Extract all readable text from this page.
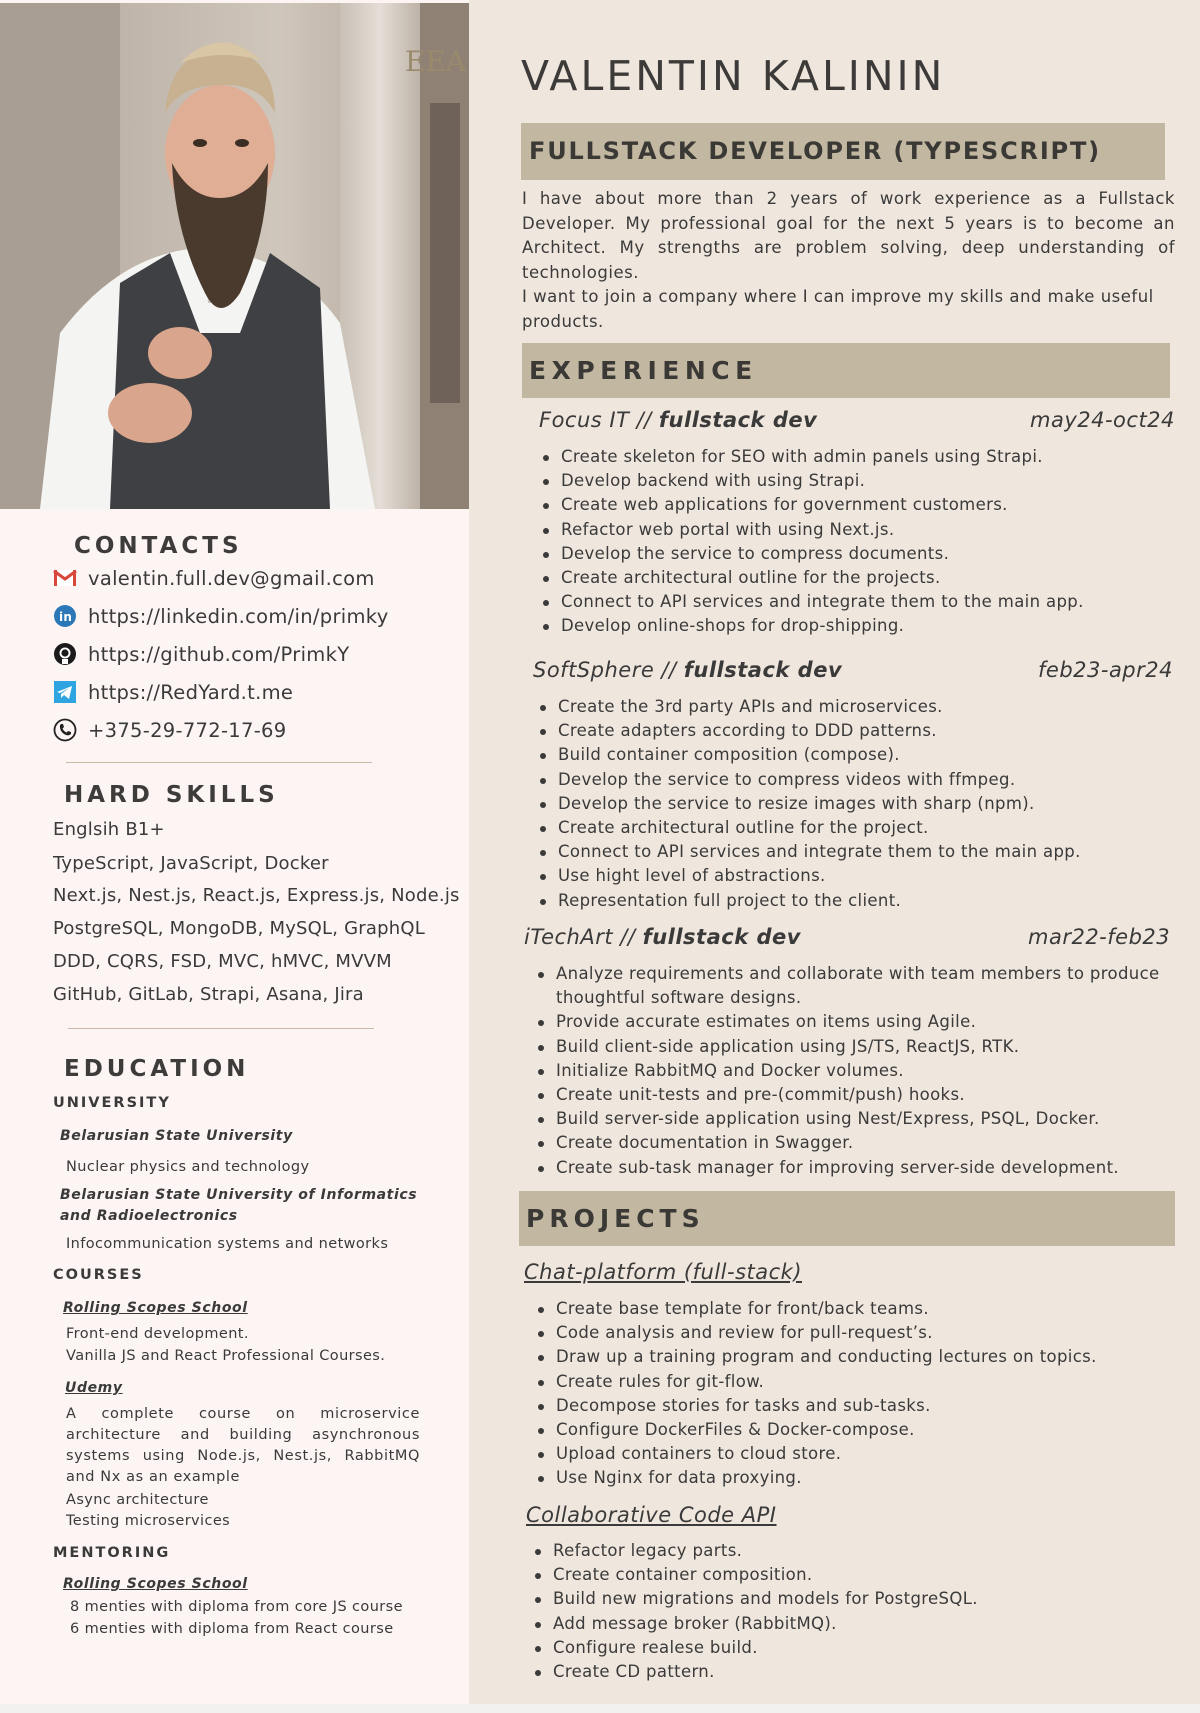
EEA
CONTACTS
valentin.full.dev@gmail.com
in https://linkedin.com/in/primky
https://github.com/PrimkY
https://RedYard.t.me
+375-29-772-17-69
HARD SKILLS
Englsih B1+
TypeScript, JavaScript, Docker
Next.js, Nest.js, React.js, Express.js, Node.js
PostgreSQL, MongoDB, MySQL, GraphQL
DDD, CQRS, FSD, MVC, hMVC, MVVM
GitHub, GitLab, Strapi, Asana, Jira
EDUCATION
UNIVERSITY
Belarusian State University
Nuclear physics and technology
Belarusian State University of Informatics
and Radioelectronics
Infocommunication systems and networks
COURSES
Rolling Scopes School
Front-end development.
Vanilla JS and React Professional Courses.
Udemy
A complete course on microservice architecture and building asynchronous systems using Node.js, Nest.js, RabbitMQ and Nx as an example
Async architecture
Testing microservices
MENTORING
Rolling Scopes School
8 menties with diploma from core JS course
6 menties with diploma from React course
VALENTIN KALININ
FULLSTACK DEVELOPER (TYPESCRIPT)
I have about more than 2 years of work experience as a Fullstack Developer. My professional goal for the next 5 years is to become an Architect. My strengths are problem solving, deep understanding of technologies.
I want to join a company where I can improve my skills and make useful products.
EXPERIENCE
Focus IT // fullstack dev	may24-oct24
Create skeleton for SEO with admin panels using Strapi.
Develop backend with using Strapi.
Create web applications for government customers.
Refactor web portal with using Next.js.
Develop the service to compress documents.
Create architectural outline for the projects.
Connect to API services and integrate them to the main app.
Develop online-shops for drop-shipping.
SoftSphere // fullstack dev	feb23-apr24
Create the 3rd party APIs and microservices.
Create adapters according to DDD patterns.
Build container composition (compose).
Develop the service to compress videos with ffmpeg.
Develop the service to resize images with sharp (npm).
Create architectural outline for the project.
Connect to API services and integrate them to the main app.
Use hight level of abstractions.
Representation full project to the client.
iTechArt // fullstack dev	mar22-feb23
Analyze requirements and collaborate with team members to produce thoughtful software designs.
Provide accurate estimates on items using Agile.
Build client-side application using JS/TS, ReactJS, RTK.
Initialize RabbitMQ and Docker volumes.
Create unit-tests and pre-(commit/push) hooks.
Build server-side application using Nest/Express, PSQL, Docker.
Create documentation in Swagger.
Create sub-task manager for improving server-side development.
PROJECTS
Chat-platform (full-stack)
Create base template for front/back teams.
Code analysis and review for pull-request’s.
Draw up a training program and conducting lectures on topics.
Create rules for git-flow.
Decompose stories for tasks and sub-tasks.
Configure DockerFiles & Docker-compose.
Upload containers to cloud store.
Use Nginx for data proxying.
Collaborative Code API
Refactor legacy parts.
Create container composition.
Build new migrations and models for PostgreSQL.
Add message broker (RabbitMQ).
Configure realese build.
Create CD pattern.
